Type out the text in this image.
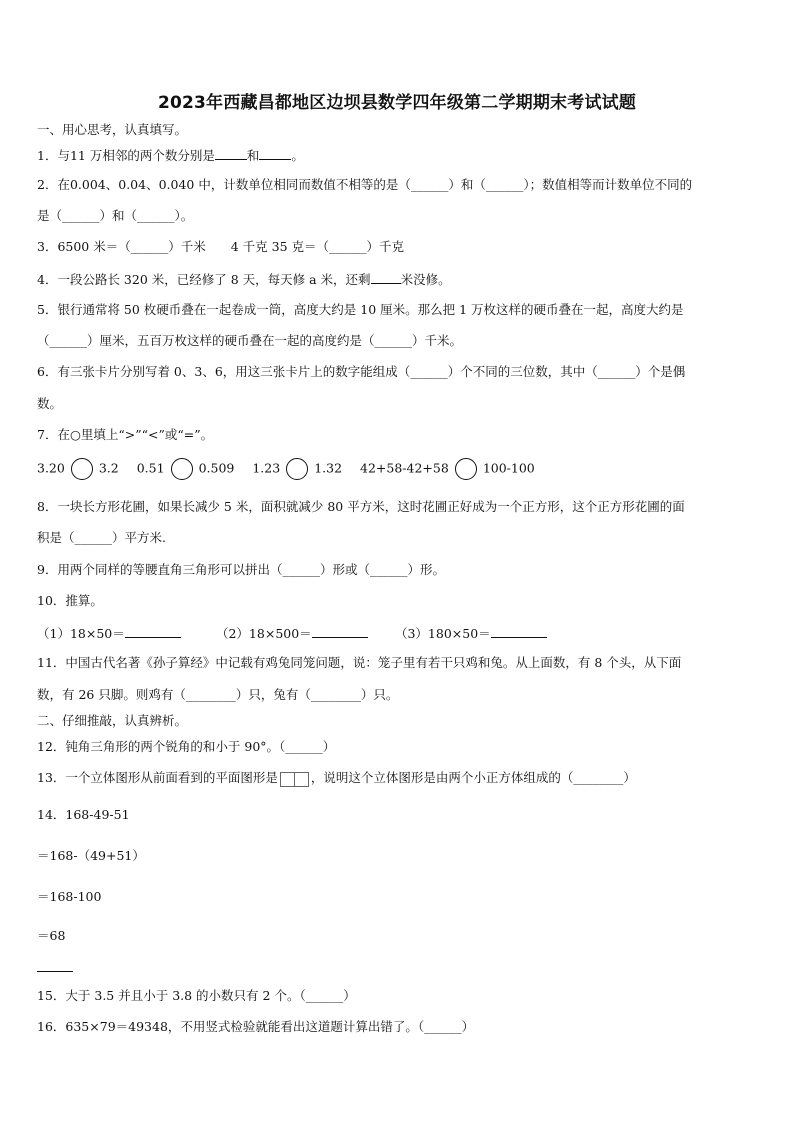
2023年西藏昌都地区边坝县数学四年级第二学期期末考试试题
一、用心思考，认真填写。
1．与11 万相邻的两个数分别是	和	。
2．在0.004、0.04、0.040 中，计数单位相同而数值不相等的是（______）和（______）；数值相等而计数单位不同的
是（______）和（______）。
3．6500 米＝（______）千米　　4 千克 35 克＝（______）千克
4．一段公路长 320 米，已经修了 8 天，每天修 a 米，还剩 米没修。
5．银行通常将 50 枚硬币叠在一起卷成一筒，高度大约是 10 厘米。那么把 1 万枚这样的硬币叠在一起，高度大约是
（______）厘米，五百万枚这样的硬币叠在一起的高度约是（______）千米。
6．有三张卡片分别写着 0、3、6，用这三张卡片上的数字能组成（______）个不同的三位数，其中（______）个是偶
数。
7．在○里填上“>”“<”或“=”。
3.20	3.2 0.51	0.509 1.23	1.32 42+58-42+58	100-100
8．一块长方形花圃，如果长减少 5 米，面积就减少 80 平方米，这时花圃正好成为一个正方形，这个正方形花圃的面
积是（______）平方米.
9．用两个同样的等腰直角三角形可以拼出（______）形或（______）形。
10．推算。
（1）18×50＝	（2）18×500＝	（3）180×50＝
11．中国古代名著《孙子算经》中记载有鸡兔同笼问题，说：笼子里有若干只鸡和兔。从上面数，有 8 个头，从下面
数，有 26 只脚。则鸡有（________）只，兔有（________）只。
二、仔细推敲，认真辨析。
12．钝角三角形的两个锐角的和小于 90°。（______）
13．一个立体图形从前面看到的平面图形是	，说明这个立体图形是由两个小正方体组成的（________）
14．168-49-51
＝168-（49+51）
＝168-100
＝68
15．大于 3.5 并且小于 3.8 的小数只有 2 个。（______）
16．635×79＝49348，不用竖式检验就能看出这道题计算出错了。（______）
